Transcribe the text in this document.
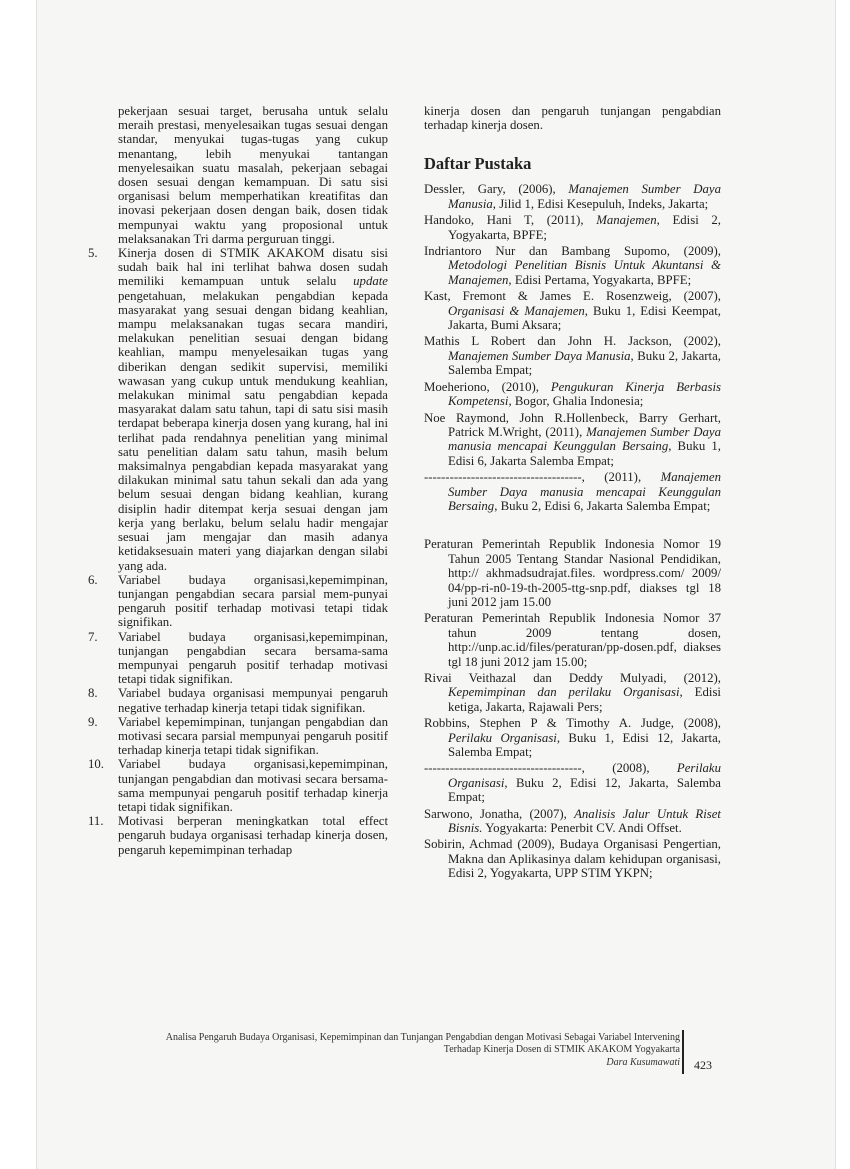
pekerjaan sesuai target, berusaha untuk selalu meraih prestasi, menyelesaikan tugas sesuai dengan standar, menyukai tugas-tugas yang cukup menantang, lebih menyukai tantangan menyelesaikan suatu masalah, pekerjaan sebagai dosen sesuai dengan kemampuan. Di satu sisi organisasi belum memperhatikan kreatifitas dan inovasi pekerjaan dosen dengan baik, dosen tidak mempunyai waktu yang proposional untuk melaksanakan Tri darma perguruan tinggi.

5. Kinerja dosen di STMIK AKAKOM disatu sisi sudah baik hal ini terlihat bahwa dosen sudah memiliki kemampuan untuk selalu update pengetahuan, melakukan pengabdian kepada masyarakat yang sesuai dengan bidang keahlian, mampu melaksanakan tugas secara mandiri, melakukan penelitian sesuai dengan bidang keahlian, mampu menyelesaikan tugas yang diberikan dengan sedikit supervisi, memiliki wawasan yang cukup untuk mendukung keahlian, melakukan minimal satu pengabdian kepada masyarakat dalam satu tahun, tapi di satu sisi masih terdapat beberapa kinerja dosen yang kurang, hal ini terlihat pada rendahnya penelitian yang minimal satu penelitian dalam satu tahun, masih belum maksimalnya pengabdian kepada masyarakat yang dilakukan minimal satu tahun sekali dan ada yang belum sesuai dengan bidang keahlian, kurang disiplin hadir ditempat kerja sesuai dengan jam kerja yang berlaku, belum selalu hadir mengajar sesuai jam mengajar dan masih adanya ketidaksesuain materi yang diajarkan dengan silabi yang ada.
6. Variabel budaya organisasi,kepemimpinan, tunjangan pengabdian secara parsial mem-punyai pengaruh positif terhadap motivasi tetapi tidak signifikan.
7. Variabel budaya organisasi,kepemimpinan, tunjangan pengabdian secara bersama-sama mempunyai pengaruh positif terhadap motivasi tetapi tidak signifikan.
8. Variabel budaya organisasi mempunyai pengaruh negative terhadap kinerja tetapi tidak signifikan.
9. Variabel kepemimpinan, tunjangan pengabdian dan motivasi secara parsial mempunyai pengaruh positif terhadap kinerja tetapi tidak signifikan.
10. Variabel budaya organisasi,kepemimpinan, tunjangan pengabdian dan motivasi secara bersama-sama mempunyai pengaruh positif terhadap kinerja tetapi tidak signifikan.
11. Motivasi berperan meningkatkan total effect pengaruh budaya organisasi terhadap kinerja dosen, pengaruh kepemimpinan terhadap

kinerja dosen dan pengaruh tunjangan pengabdian terhadap kinerja dosen.

Daftar Pustaka

Dessler, Gary, (2006), Manajemen Sumber Daya Manusia, Jilid 1, Edisi Kesepuluh, Indeks, Jakarta;

Handoko, Hani T, (2011), Manajemen, Edisi 2, Yogyakarta, BPFE;

Indriantoro Nur dan Bambang Supomo, (2009), Metodologi Penelitian Bisnis Untuk Akuntansi & Manajemen, Edisi Pertama, Yogyakarta, BPFE;

Kast, Fremont & James E. Rosenzweig, (2007), Organisasi & Manajemen, Buku 1, Edisi Keempat, Jakarta, Bumi Aksara;

Mathis L Robert dan John H. Jackson, (2002), Manajemen Sumber Daya Manusia, Buku 2, Jakarta, Salemba Empat;

Moeheriono, (2010), Pengukuran Kinerja Berbasis Kompetensi, Bogor, Ghalia Indonesia;

Noe Raymond, John R.Hollenbeck, Barry Gerhart, Patrick M.Wright, (2011), Manajemen Sumber Daya manusia mencapai Keunggulan Bersaing, Buku 1, Edisi 6, Jakarta Salemba Empat;

-------------------------------------, (2011), Manajemen Sumber Daya manusia mencapai Keunggulan Bersaing, Buku 2, Edisi 6, Jakarta Salemba Empat;

Peraturan Pemerintah Republik Indonesia Nomor 19 Tahun 2005 Tentang Standar Nasional Pendidikan, http:// akhmadsudrajat.files. wordpress.com/ 2009/ 04/pp-ri-n0-19-th-2005-ttg-snp.pdf, diakses tgl 18 juni 2012 jam 15.00

Peraturan Pemerintah Republik Indonesia Nomor 37 tahun 2009 tentang dosen, http://unp.ac.id/files/peraturan/pp-dosen.pdf, diakses tgl 18 juni 2012 jam 15.00;

Rivai Veithazal dan Deddy Mulyadi, (2012), Kepemimpinan dan perilaku Organisasi, Edisi ketiga, Jakarta, Rajawali Pers;

Robbins, Stephen P & Timothy A. Judge, (2008), Perilaku Organisasi, Buku 1, Edisi 12, Jakarta, Salemba Empat;

-------------------------------------, (2008), Perilaku Organisasi, Buku 2, Edisi 12, Jakarta, Salemba Empat;

Sarwono, Jonatha, (2007), Analisis Jalur Untuk Riset Bisnis. Yogyakarta: Penerbit CV. Andi Offset.

Sobirin, Achmad (2009), Budaya Organisasi Pengertian, Makna dan Aplikasinya dalam kehidupan organisasi, Edisi 2, Yogyakarta, UPP STIM YKPN;

Analisa Pengaruh Budaya Organisasi, Kepemimpinan dan Tunjangan Pengabdian dengan Motivasi Sebagai Variabel Intervening
Terhadap Kinerja Dosen di STMIK AKAKOM Yogyakarta
Dara Kusumawati 423
